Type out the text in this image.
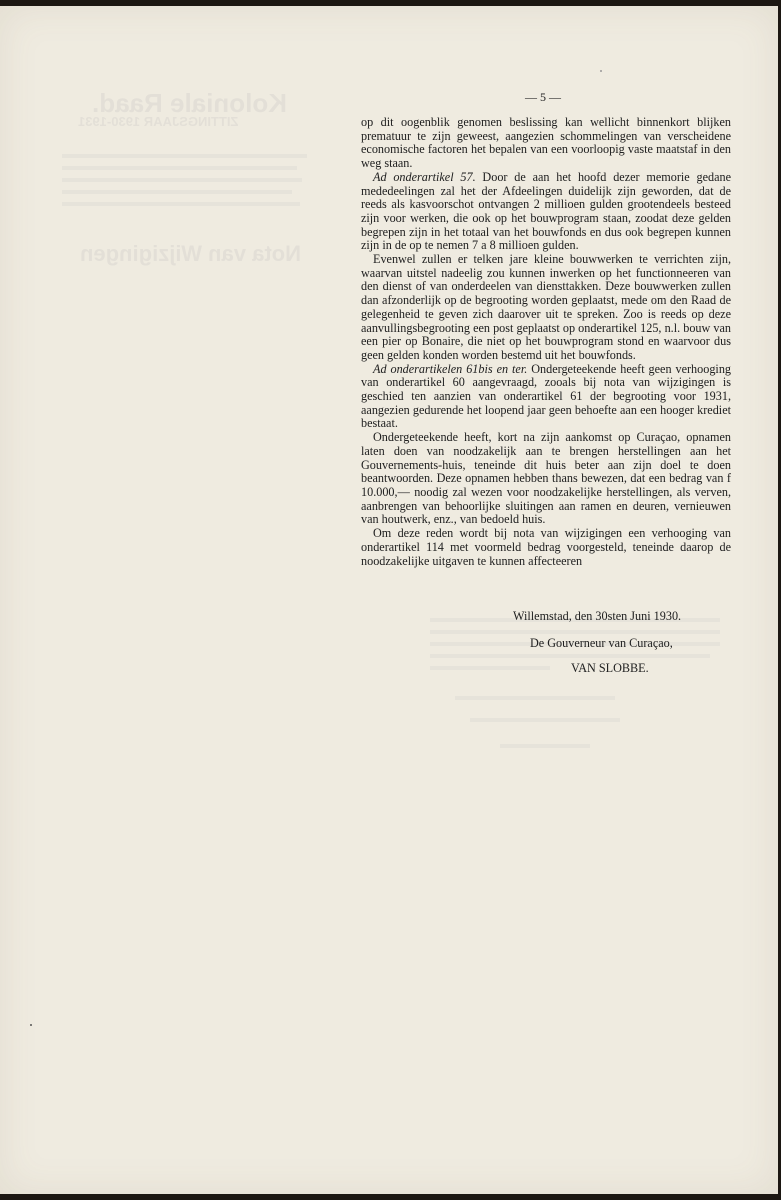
Koloniale Raad.
ZITTINGSJAAR 1930-1931
Nota van Wijzigingen
— 5 —

op dit oogenblik genomen beslissing kan wellicht binnenkort blijken prematuur te zijn geweest, aangezien schommelingen van verscheidene economische factoren het bepalen van een voorloopig vaste maatstaf in den weg staan.

Ad onderartikel 57. Door de aan het hoofd dezer memorie gedane mededeelingen zal het der Afdeelingen duidelijk zijn geworden, dat de reeds als kasvoorschot ontvangen 2 millioen gulden grootendeels besteed zijn voor werken, die ook op het bouwprogram staan, zoodat deze gelden begrepen zijn in het totaal van het bouwfonds en dus ook begrepen kunnen zijn in de op te nemen 7 a 8 millioen gulden.

Evenwel zullen er telken jare kleine bouwwerken te verrichten zijn, waarvan uitstel nadeelig zou kunnen inwerken op het functionneeren van den dienst of van onderdeelen van diensttakken. Deze bouwwerken zullen dan afzonderlijk op de begrooting worden geplaatst, mede om den Raad de gelegenheid te geven zich daarover uit te spreken. Zoo is reeds op deze aanvullingsbegrooting een post geplaatst op onderartikel 125, n.l. bouw van een pier op Bonaire, die niet op het bouwprogram stond en waarvoor dus geen gelden konden worden bestemd uit het bouwfonds.

Ad onderartikelen 61bis en ter. Ondergeteekende heeft geen verhooging van onderartikel 60 aangevraagd, zooals bij nota van wijzigingen is geschied ten aanzien van onderartikel 61 der begrooting voor 1931, aangezien gedurende het loopend jaar geen behoefte aan een hooger krediet bestaat.

Ondergeteekende heeft, kort na zijn aankomst op Curaçao, opnamen laten doen van noodzakelijk aan te brengen herstellingen aan het Gouvernements-huis, teneinde dit huis beter aan zijn doel te doen beantwoorden. Deze opnamen hebben thans bewezen, dat een bedrag van f 10.000,— noodig zal wezen voor noodzakelijke herstellingen, als verven, aanbrengen van behoorlijke sluitingen aan ramen en deuren, vernieuwen van houtwerk, enz., van bedoeld huis.

Om deze reden wordt bij nota van wijzigingen een verhooging van onderartikel 114 met voormeld bedrag voorgesteld, teneinde daarop de noodzakelijke uitgaven te kunnen affecteeren

Willemstad, den 30sten Juni 1930.
De Gouverneur van Curaçao,
VAN SLOBBE.
